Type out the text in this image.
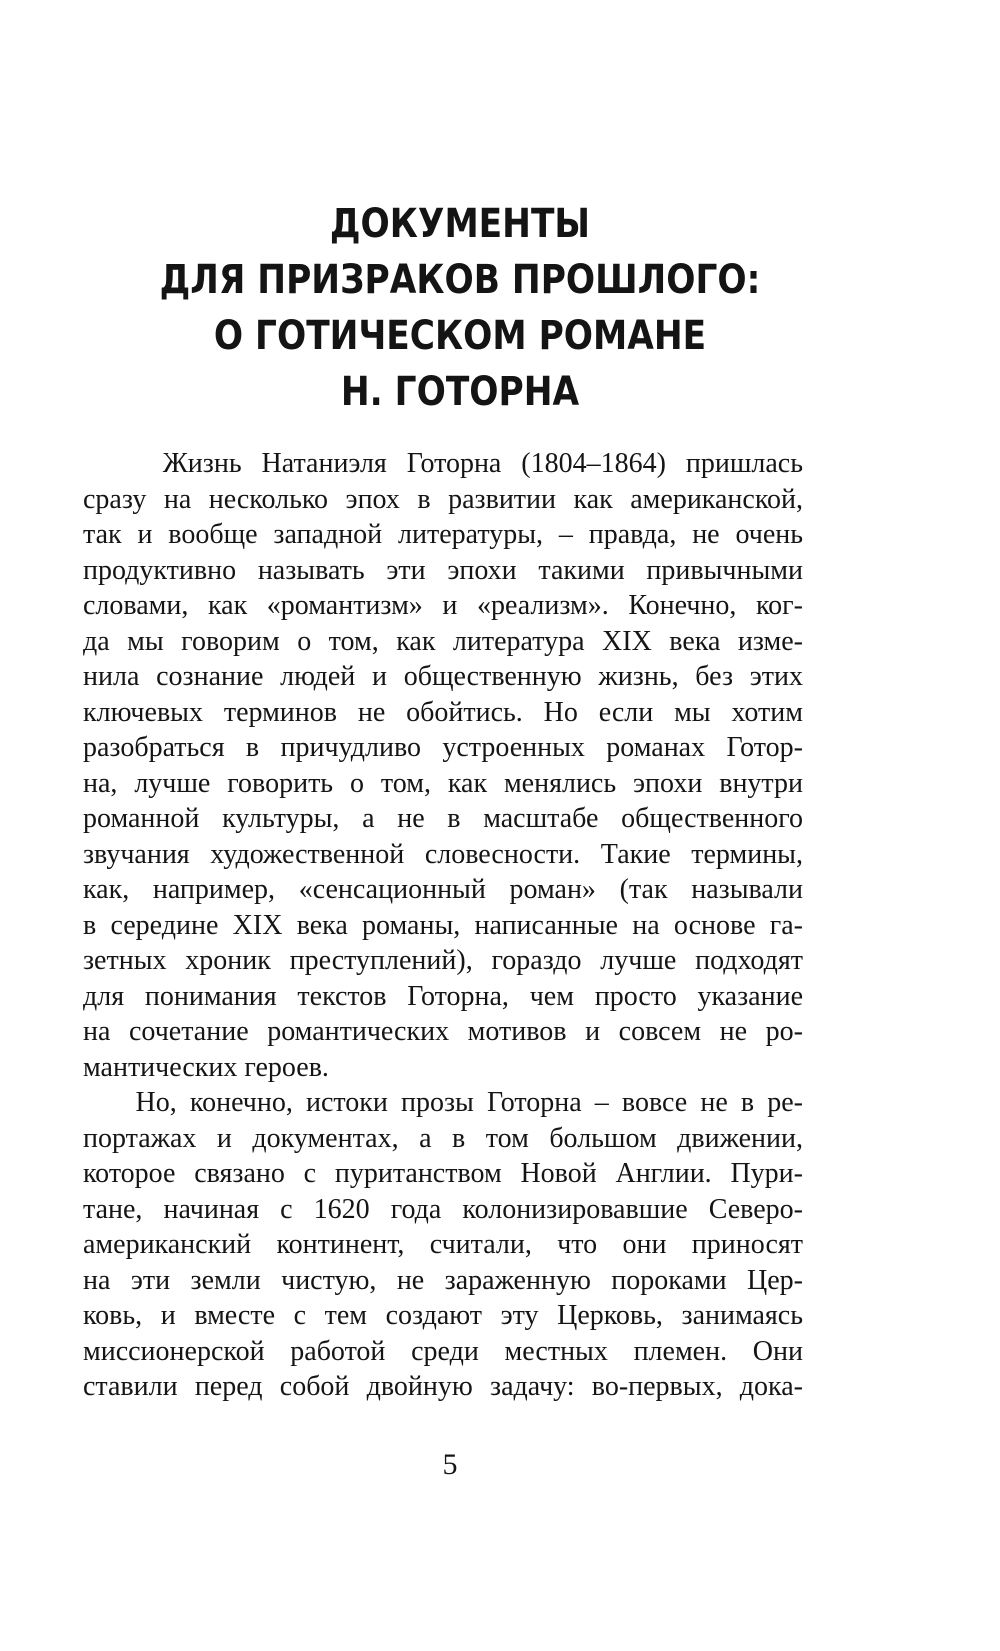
ДОКУМЕНТЫ
ДЛЯ ПРИЗРАКОВ ПРОШЛОГО:
О ГОТИЧЕСКОМ РОМАНЕ
Н. ГОТОРНА
Жизнь Натаниэля Готорна (1804–1864) пришлась
сразу на несколько эпох в развитии как американской,
так и вообще западной литературы, – правда, не очень
продуктивно называть эти эпохи такими привычными
словами, как «романтизм» и «реализм». Конечно, ког-
да мы говорим о том, как литература XIX века изме-
нила сознание людей и общественную жизнь, без этих
ключевых терминов не обойтись. Но если мы хотим
разобраться в причудливо устроенных романах Готор-
на, лучше говорить о том, как менялись эпохи внутри
романной культуры, а не в масштабе общественного
звучания художественной словесности. Такие термины,
как, например, «сенсационный роман» (так называли
в середине XIX века романы, написанные на основе га-
зетных хроник преступлений), гораздо лучше подходят
для понимания текстов Готорна, чем просто указание
на сочетание романтических мотивов и совсем не ро-
мантических героев.
Но, конечно, истоки прозы Готорна – вовсе не в ре-
портажах и документах, а в том большом движении,
которое связано с пуританством Новой Англии. Пури-
тане, начиная с 1620 года колонизировавшие Северо-
американский континент, считали, что они приносят
на эти земли чистую, не зараженную пороками Цер-
ковь, и вместе с тем создают эту Церковь, занимаясь
миссионерской работой среди местных племен. Они
ставили перед собой двойную задачу: во-первых, дока-
5
